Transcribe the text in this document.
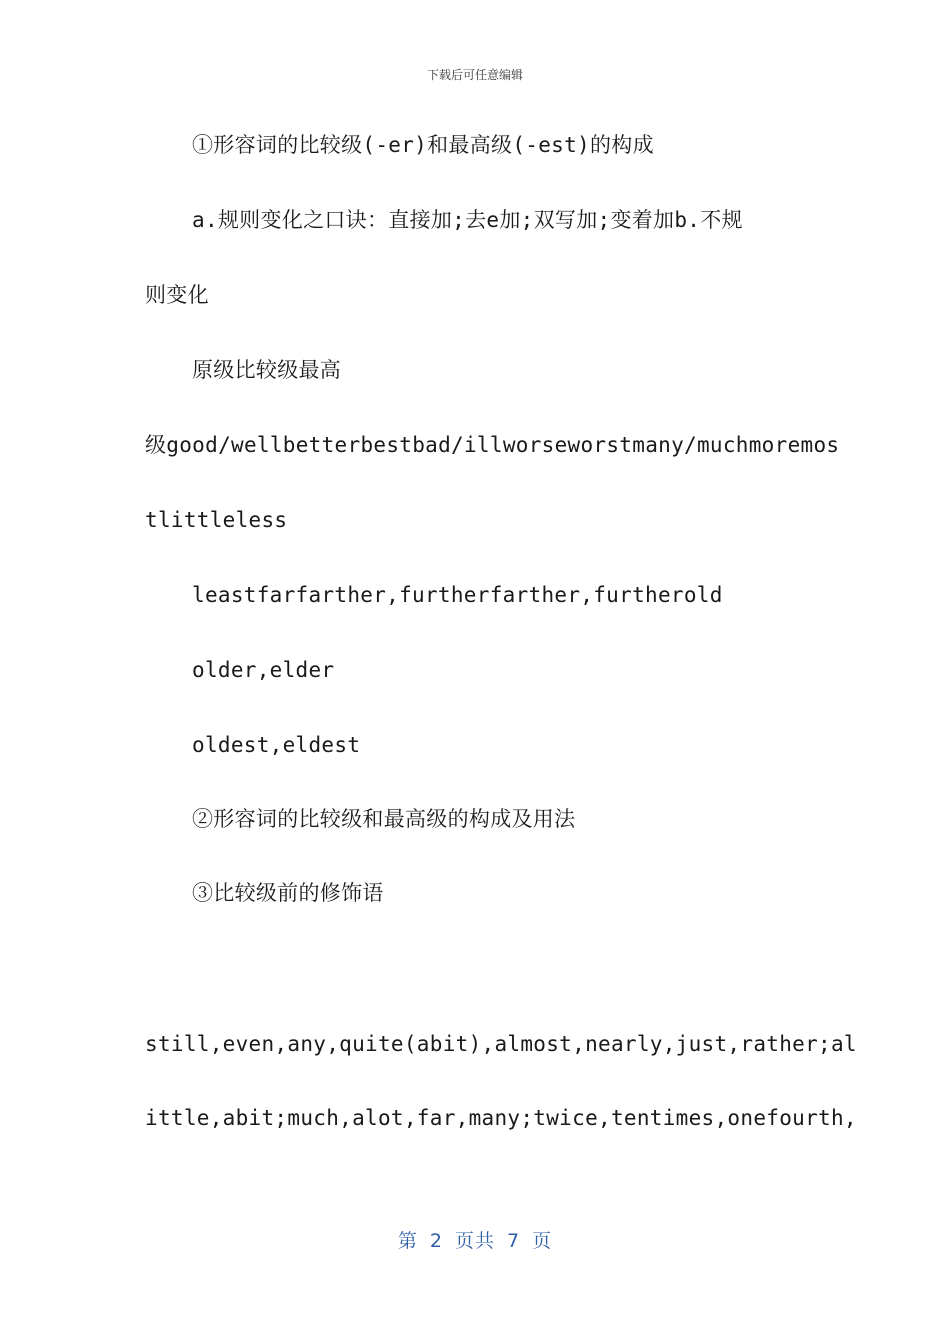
下载后可任意编辑
①形容词的比较级(-er)和最高级(-est)的构成
a.规则变化之口诀：直接加;去e加;双写加;变着加b.不规
则变化
原级比较级最高
级good/wellbetterbestbad/illworseworstmany/muchmoremos
tlittleless
leastfarfarther,furtherfarther,furtherold
older,elder
oldest,eldest
②形容词的比较级和最高级的构成及用法
③比较级前的修饰语
still,even,any,quite(abit),almost,nearly,just,rather;al
ittle,abit;much,alot,far,many;twice,tentimes,onefourth,
第 2 页共 7 页
